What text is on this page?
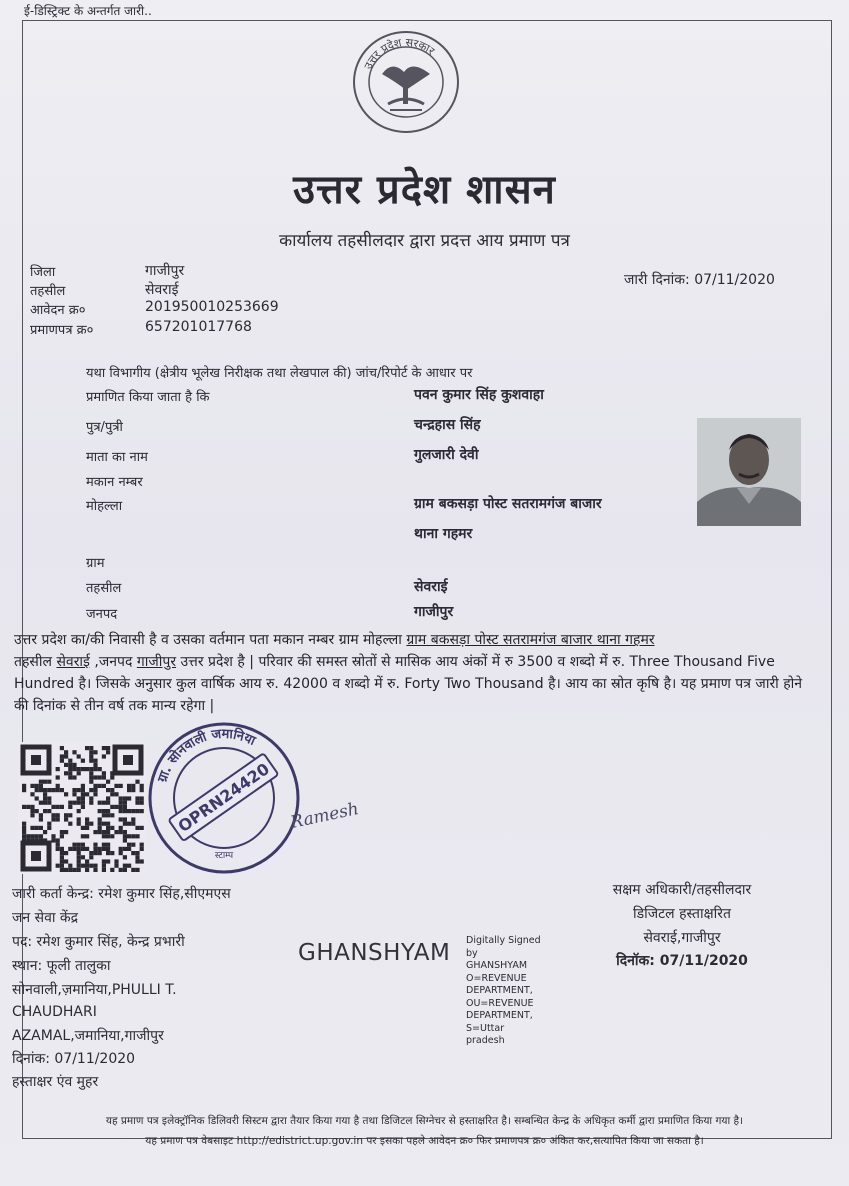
ई-डिस्ट्रिक्ट के अन्तर्गत जारी..
उत्तर प्रदेश सरकार
उत्तर प्रदेश शासन
कार्यालय तहसीलदार द्वारा प्रदत्त आय प्रमाण पत्र
जिला	गाजीपुर
तहसील	सेवराई
आवेदन क्र०	201950010253669
प्रमाणपत्र क्र०	657201017768
जारी दिनांक: 07/11/2020
यथा विभागीय (क्षेत्रीय भूलेख निरीक्षक तथा लेखपाल की) जांच/रिपोर्ट के आधार पर
प्रमाणित किया जाता है कि	पवन कुमार सिंह कुशवाहा
पुत्र/पुत्री	चन्द्रहास सिंह
माता का नाम	गुलजारी देवी
मकान नम्बर
मोहल्ला	ग्राम बकसड़ा पोस्ट सतरामगंज बाजार
थाना गहमर
ग्राम
तहसील	सेवराई
जनपद	गाजीपुर
उत्तर प्रदेश का/की निवासी है व उसका वर्तमान पता मकान नम्बर ग्राम मोहल्ला ग्राम बकसड़ा पोस्ट सतरामगंज बाजार थाना गहमर
तहसील सेवराई ,जनपद गाजीपुर उत्तर प्रदेश है | परिवार की समस्त स्रोतों से मासिक आय अंकों में रु 3500 व शब्दो में रु. Three Thousand Five Hundred है। जिसके अनुसार कुल वार्षिक आय रु. 42000 व शब्दो में रु. Forty Two Thousand है। आय का स्रोत कृषि है। यह प्रमाण पत्र जारी होने की दिनांक से तीन वर्ष तक मान्य रहेगा |
ग्रा. सोनवाली जमानिया
OPRN24420
स्टाम्प
Ramesh
जारी कर्ता केन्द्र: रमेश कुमार सिंह,सीएमएस
जन सेवा केंद्र
पद: रमेश कुमार सिंह, केन्द्र प्रभारी
स्थान: फूली तालुका
सोनवाली,ज़मानिया,PHULLI T.
CHAUDHARI
AZAMAL,जमानिया,गाजीपुर
दिनांक: 07/11/2020
हस्ताक्षर एंव मुहर
GHANSHYAM Digitally Signed
by
GHANSHYAM
O=REVENUE
DEPARTMENT,
OU=REVENUE
DEPARTMENT,
S=Uttar
pradesh
सक्षम अधिकारी/तहसीलदार
डिजिटल हस्ताक्षरित
सेवराई,गाजीपुर
दिनॉक: 07/11/2020
यह प्रमाण पत्र इलेक्ट्रॉनिक डिलिवरी सिस्टम द्वारा तैयार किया गया है तथा डिजिटल सिग्नेचर से हस्ताक्षरित है। सम्बन्धित केन्द्र के अधिकृत कर्मी द्वारा प्रमाणित किया गया है।
यह प्रमाण पत्र वेबसाइट http://edistrict.up.gov.in पर इसका पहले आवेदन क्र० फिर प्रमाणपत्र क्र० अंकित कर,सत्यापित किया जा सकता है।
